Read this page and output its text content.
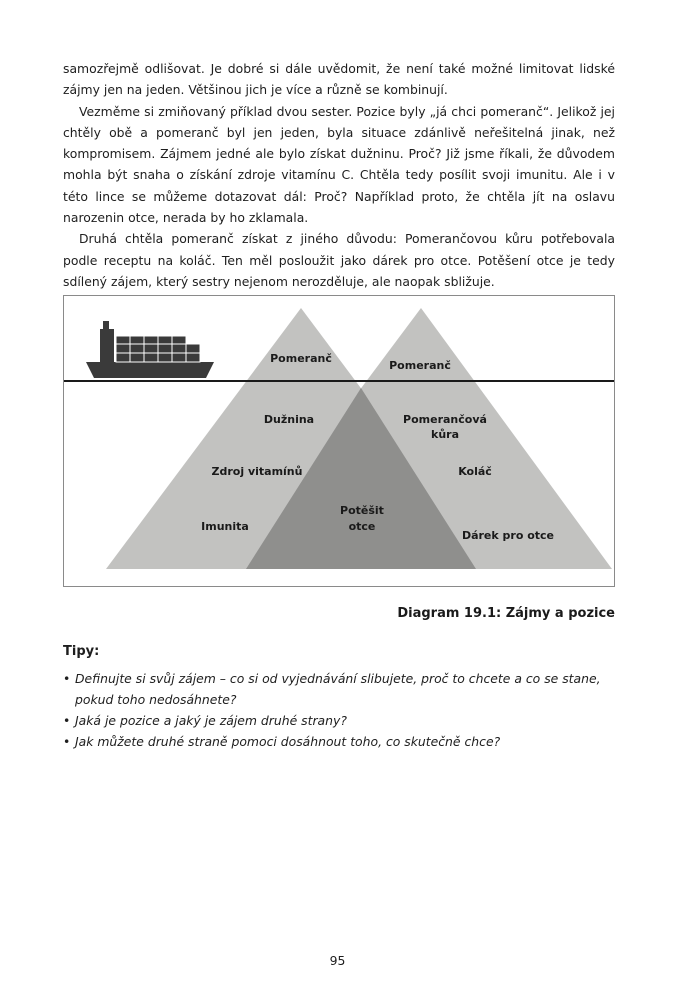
samozřejmě odlišovat. Je dobré si dále uvědomit, že není také možné limitovat lidské zájmy jen na jeden. Většinou jich je více a různě se kombinují.

Vezměme si zmiňovaný příklad dvou sester. Pozice byly „já chci pomeranč“. Jelikož jej chtěly obě a pomeranč byl jen jeden, byla situace zdánlivě neřešitelná jinak, než kompromisem. Zájmem jedné ale bylo získat dužninu. Proč? Již jsme říkali, že důvodem mohla být snaha o získání zdroje vitamínu C. Chtěla tedy posílit svoji imunitu. Ale i v této lince se můžeme dotazovat dál: Proč? Například proto, že chtěla jít na oslavu narozenin otce, nerada by ho zklamala.

Druhá chtěla pomeranč získat z jiného důvodu: Pomerančovou kůru potřebovala podle receptu na koláč. Ten měl posloužit jako dárek pro otce. Potěšení otce je tedy sdílený zájem, který sestry nejenom nerozděluje, ale naopak sbližuje.

Pomeranč
Pomeranč
Dužnina
Zdroj vitamínů
Imunita
Pomerančová
kůra
Koláč
Dárek pro otce
Potěšit
otce
Diagram 19.1: Zájmy a pozice
Tipy:
• Definujte si svůj zájem – co si od vyjednávání slibujete, proč to chcete a co se stane, pokud toho nedosáhnete?
• Jaká je pozice a jaký je zájem druhé strany?
• Jak můžete druhé straně pomoci dosáhnout toho, co skutečně chce?
95
